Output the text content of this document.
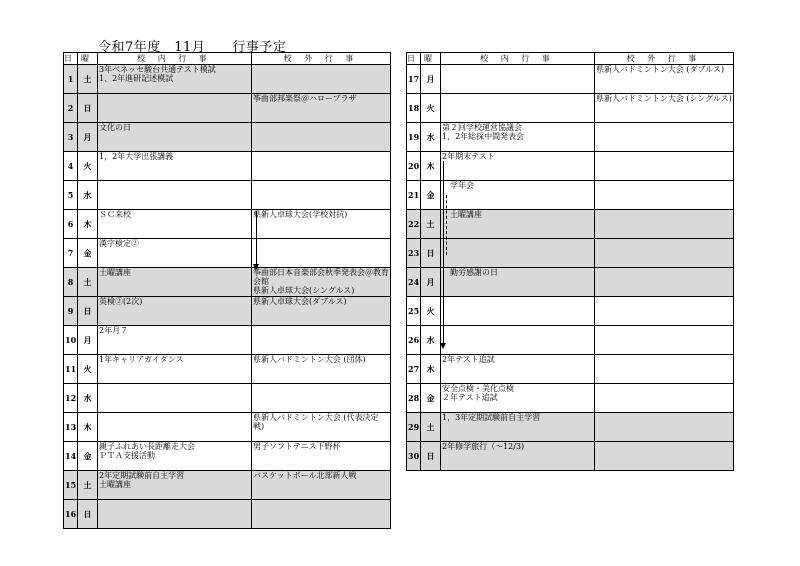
令和7年度　11月　　行事予定
日	曜	校 内 行 事	校 外 行 事

1	土	3年ベネッセ駿台共通テスト模試
1、2年進研記述模試	

2	日		筝曲部邦楽祭＠ハロープラザ

3	月	文化の日	

4	火	1，2年大学出張講義	

5	水		

6	木	ＳＣ来校	県新人卓球大会(学校対抗)

7	金	漢字検定②	

8	土	土曜講座	筝曲部日本音楽部会秋季発表会＠教育会館
県新人卓球大会(シングルス)

9	日	英検②(2次)	県新人卓球大会(ダブルス)

10	月	2年月７	

11	火	1年キャリアガイダンス	県新人バドミントン大会 (団体)

12	水		

13	木		県新人バドミントン大会 (代表決定戦)

14	金	親子ふれあい長距離走大会
ＰＴＡ支援活動	男子ソフトテニス下野杯

15	土	2年定期試験前自主学習
土曜講座	バスケットボール北部新人戦

16	日		

日	曜	校 内 行 事	校 外 行 事

17	月		県新人バドミントン大会 (ダブルス)

18	火		県新人バドミントン大会 (シングルス)

19	水	第２回学校運営協議会
1，2年総探中間発表会	

20	木	2年期末テスト	

21	金	　学年会	

22	土	　土曜講座	

23	日		

24	月	　勤労感謝の日	

25	火		

26	水		

27	木	2年テスト追試	

28	金	安全点検・美化点検
２年テスト追試	

29	土	1，3年定期試験前自主学習	

30	日	2年修学旅行（～12/3)	
